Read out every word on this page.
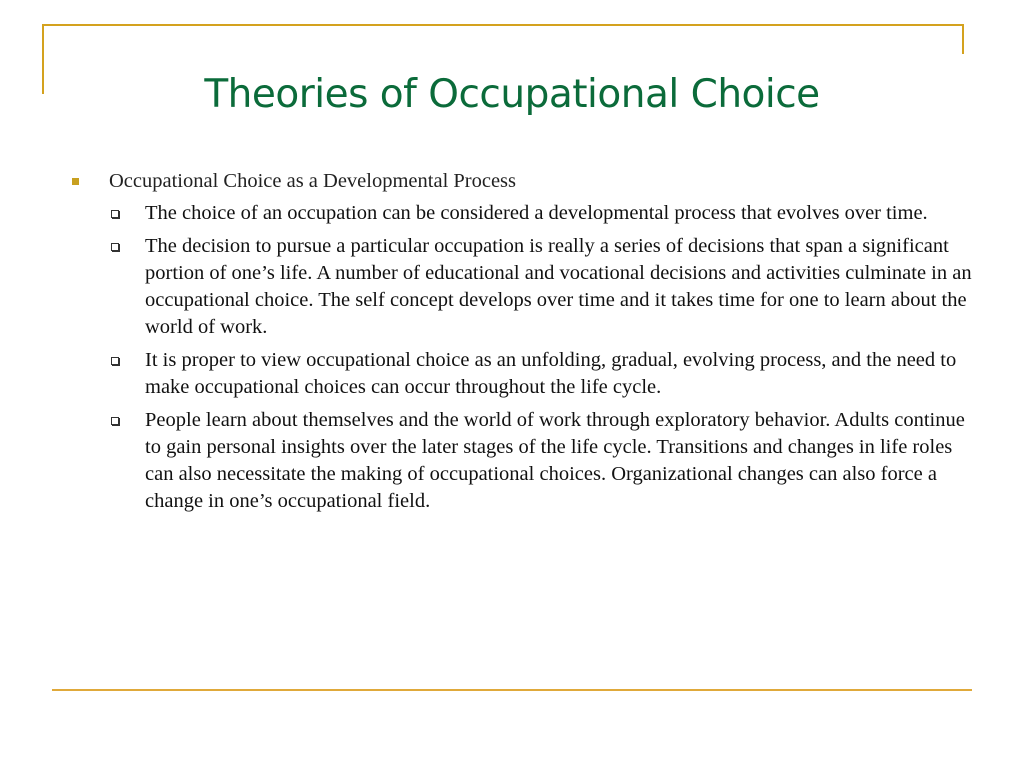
Theories of Occupational Choice
Occupational Choice as a Developmental Process
The choice of an occupation can be considered a developmental process that evolves over time.
The decision to pursue a particular occupation is really a series of decisions that span a significant portion of one’s life. A number of educational and vocational decisions and activities culminate in an occupational choice. The self concept develops over time and it takes time for one to learn about the world of work.
It is proper to view occupational choice as an unfolding, gradual, evolving process, and the need to make occupational choices can occur throughout the life cycle.
People learn about themselves and the world of work through exploratory behavior. Adults continue to gain personal insights over the later stages of the life cycle. Transitions and changes in life roles can also necessitate the making of occupational choices. Organizational changes can also force a change in one’s occupational field.
